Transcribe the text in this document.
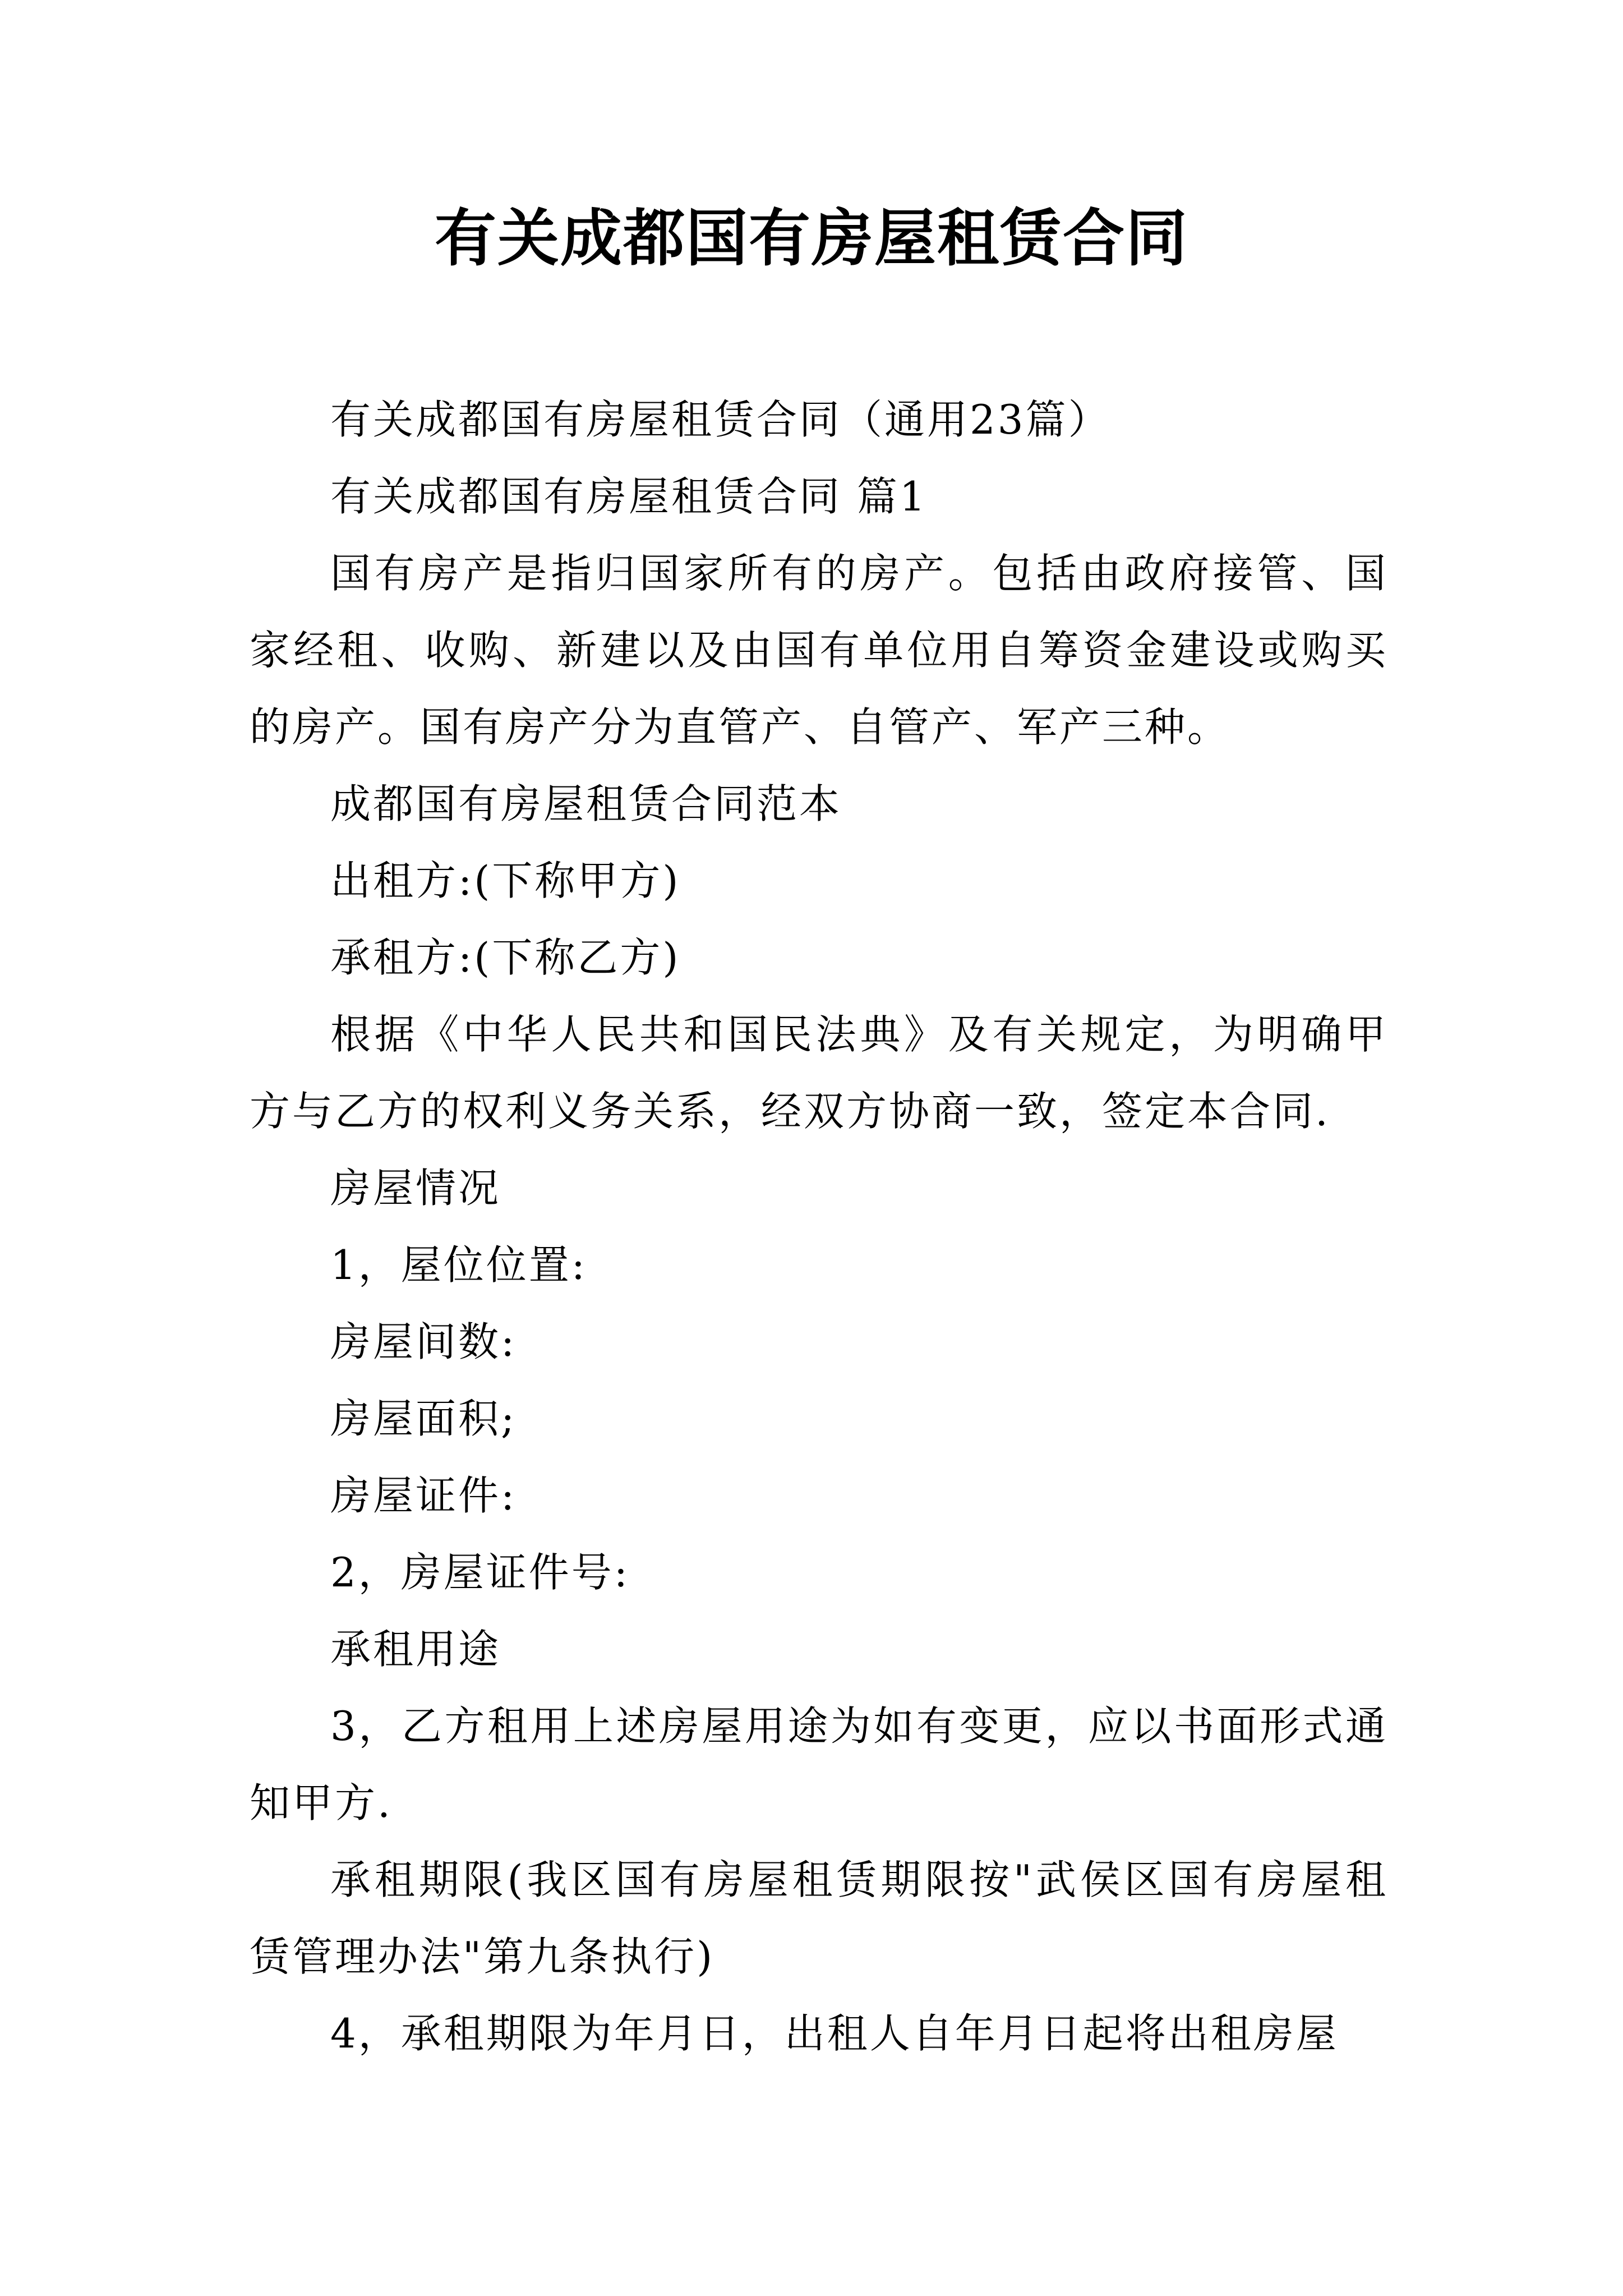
有关成都国有房屋租赁合同

有关成都国有房屋租赁合同（通用23篇）

有关成都国有房屋租赁合同 篇1

国有房产是指归国家所有的房产。包括由政府接管、国家经租、收购、新建以及由国有单位用自筹资金建设或购买的房产。国有房产分为直管产、自管产、军产三种。

成都国有房屋租赁合同范本

出租方:(下称甲方)

承租方:(下称乙方)

根据《中华人民共和国民法典》及有关规定，为明确甲方与乙方的权利义务关系，经双方协商一致，签定本合同.

房屋情况

1，屋位位置:

房屋间数:

房屋面积;

房屋证件:

2，房屋证件号:

承租用途

3，乙方租用上述房屋用途为如有变更，应以书面形式通知甲方.

承租期限(我区国有房屋租赁期限按"武侯区国有房屋租赁管理办法"第九条执行)

4，承租期限为年月日，出租人自年月日起将出租房屋
